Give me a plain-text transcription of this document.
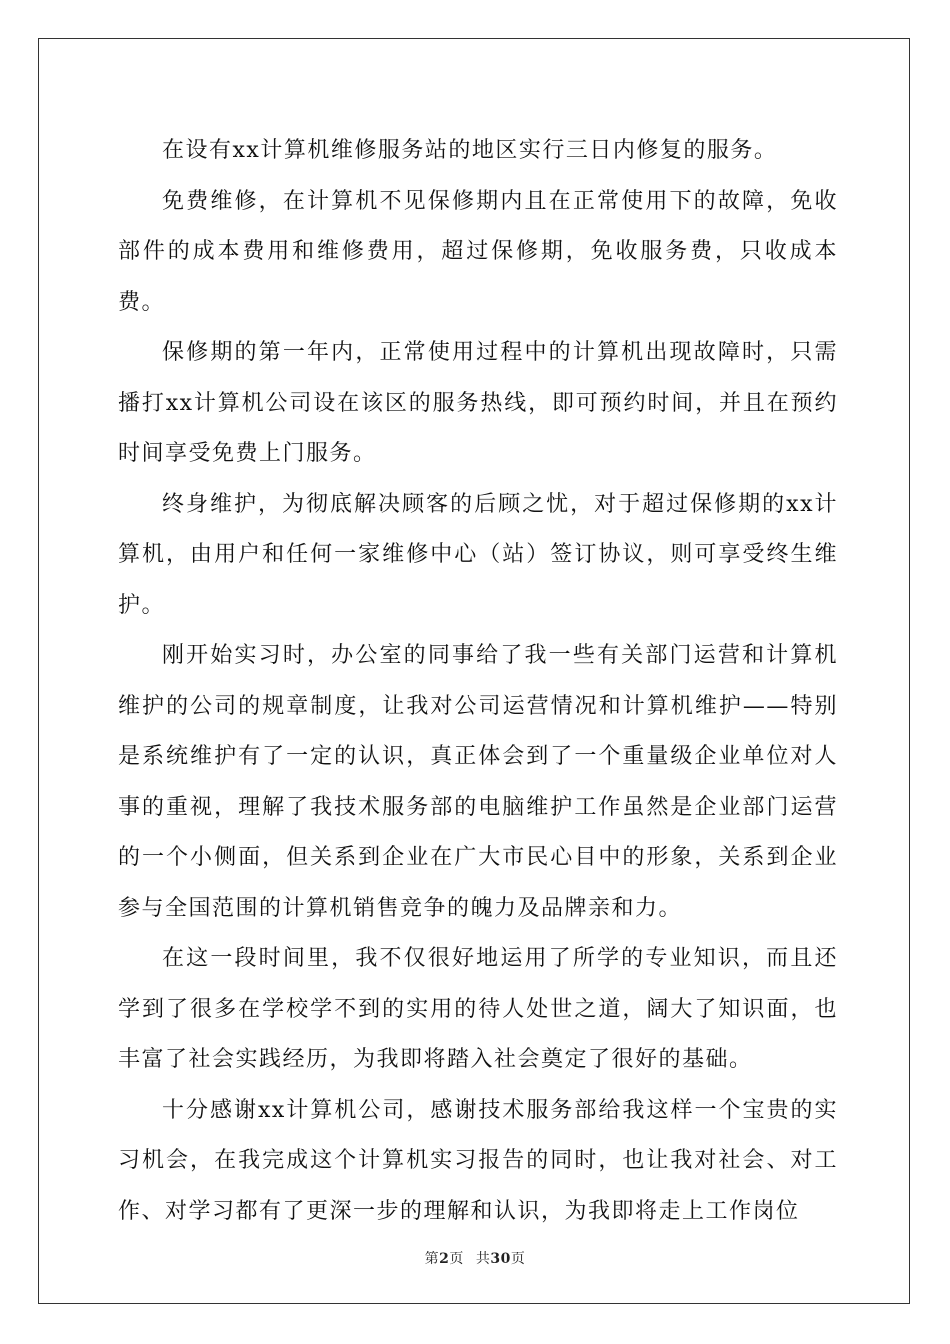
在设有xx计算机维修服务站的地区实行三日内修复的服务。

免费维修，在计算机不见保修期内且在正常使用下的故障，免收部件的成本费用和维修费用，超过保修期，免收服务费，只收成本费。

保修期的第一年内，正常使用过程中的计算机出现故障时，只需播打xx计算机公司设在该区的服务热线，即可预约时间，并且在预约时间享受免费上门服务。

终身维护，为彻底解决顾客的后顾之忧，对于超过保修期的xx计算机，由用户和任何一家维修中心（站）签订协议，则可享受终生维护。

刚开始实习时，办公室的同事给了我一些有关部门运营和计算机维护的公司的规章制度，让我对公司运营情况和计算机维护——特别是系统维护有了一定的认识，真正体会到了一个重量级企业单位对人事的重视，理解了我技术服务部的电脑维护工作虽然是企业部门运营的一个小侧面，但关系到企业在广大市民心目中的形象，关系到企业参与全国范围的计算机销售竞争的魄力及品牌亲和力。

在这一段时间里，我不仅很好地运用了所学的专业知识，而且还学到了很多在学校学不到的实用的待人处世之道，阔大了知识面，也丰富了社会实践经历，为我即将踏入社会奠定了很好的基础。

十分感谢xx计算机公司，感谢技术服务部给我这样一个宝贵的实习机会，在我完成这个计算机实习报告的同时，也让我对社会、对工作、对学习都有了更深一步的理解和认识，为我即将走上工作岗位

第2页 共30页
